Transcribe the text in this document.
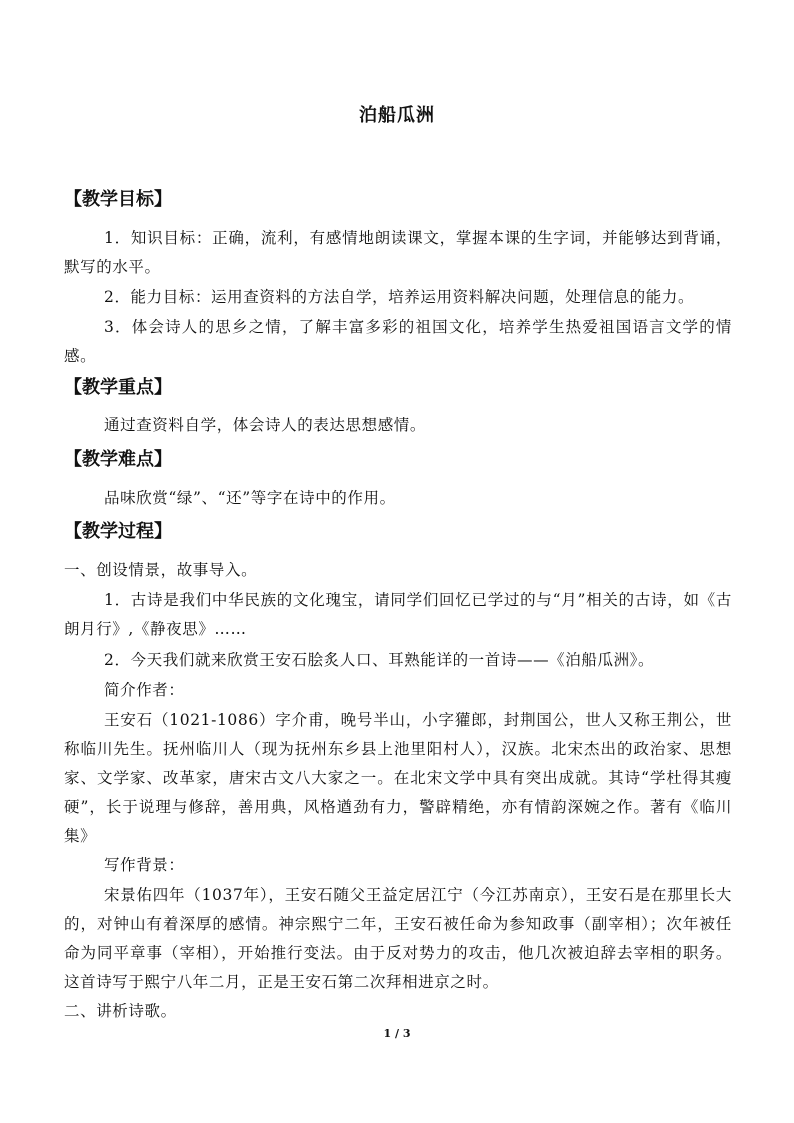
泊船瓜洲
【教学目标】
1．知识目标：正确，流利，有感情地朗读课文，掌握本课的生字词，并能够达到背诵，默写的水平。
2．能力目标：运用查资料的方法自学，培养运用资料解决问题，处理信息的能力。
3．体会诗人的思乡之情，了解丰富多彩的祖国文化，培养学生热爱祖国语言文学的情感。
【教学重点】
通过查资料自学，体会诗人的表达思想感情。
【教学难点】
品味欣赏“绿”、“还”等字在诗中的作用。
【教学过程】
一、创设情景，故事导入。
1．古诗是我们中华民族的文化瑰宝，请同学们回忆已学过的与“月”相关的古诗，如《古朗月行》,《静夜思》……
2．今天我们就来欣赏王安石脍炙人口、耳熟能详的一首诗——《泊船瓜洲》。
简介作者：
王安石（1021-1086）字介甫，晚号半山，小字獾郎，封荆国公，世人又称王荆公，世称临川先生。抚州临川人（现为抚州东乡县上池里阳村人），汉族。北宋杰出的政治家、思想家、文学家、改革家，唐宋古文八大家之一。在北宋文学中具有突出成就。其诗“学杜得其瘦硬”，长于说理与修辞，善用典，风格遒劲有力，警辟精绝，亦有情韵深婉之作。著有《临川集》
写作背景：
宋景佑四年（1037年），王安石随父王益定居江宁（今江苏南京），王安石是在那里长大的，对钟山有着深厚的感情。神宗熙宁二年，王安石被任命为参知政事（副宰相）；次年被任命为同平章事（宰相），开始推行变法。由于反对势力的攻击，他几次被迫辞去宰相的职务。这首诗写于熙宁八年二月，正是王安石第二次拜相进京之时。
二、讲析诗歌。
1 / 3
